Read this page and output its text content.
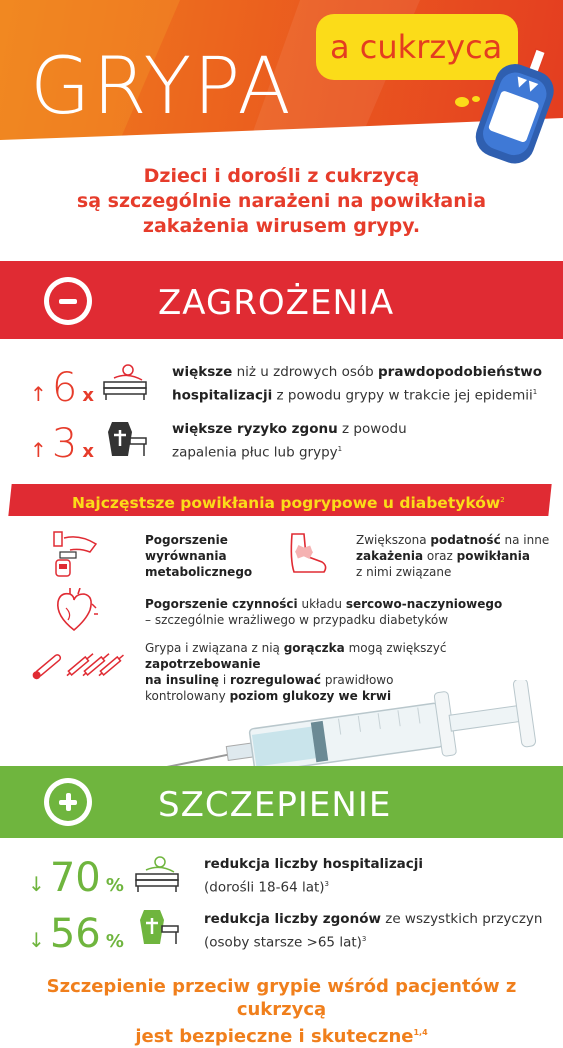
GRYPA a cukrzyca
Dzieci i dorośli z cukrzycą
są szczególnie narażeni na powikłania
zakażenia wirusem grypy.
ZAGROŻENIA
↑ 6 x
większe niż u zdrowych osób prawdopodobieństwo
hospitalizacji z powodu grypy w trakcie jej epidemii$^1$
↑ 3 x
większe ryzyko zgonu z powodu
zapalenia płuc lub grypy$^1$
Najczęstsze powikłania pogrypowe u diabetyków$^2$
Pogorszenie
wyrównania
metabolicznego
Zwiększona podatność na inne
zakażenia oraz powikłania
z nimi związane
Pogorszenie czynności układu sercowo-naczyniowego
– szczególnie wrażliwego w przypadku diabetyków
Grypa i związana z nią gorączka mogą zwiększyć zapotrzebowanie
na insulinę i rozregulować prawidłowo
kontrolowany poziom glukozy we krwi
SZCZEPIENIE
↓ 70 %
redukcja liczby hospitalizacji
(dorośli 18-64 lat)$^3$
↓ 56 %
redukcja liczby zgonów ze wszystkich przyczyn
(osoby starsze >65 lat)$^3$
Szczepienie przeciw grypie wśród pacjentów z cukrzycą
jest bezpieczne i skuteczne$^{1,4}$
